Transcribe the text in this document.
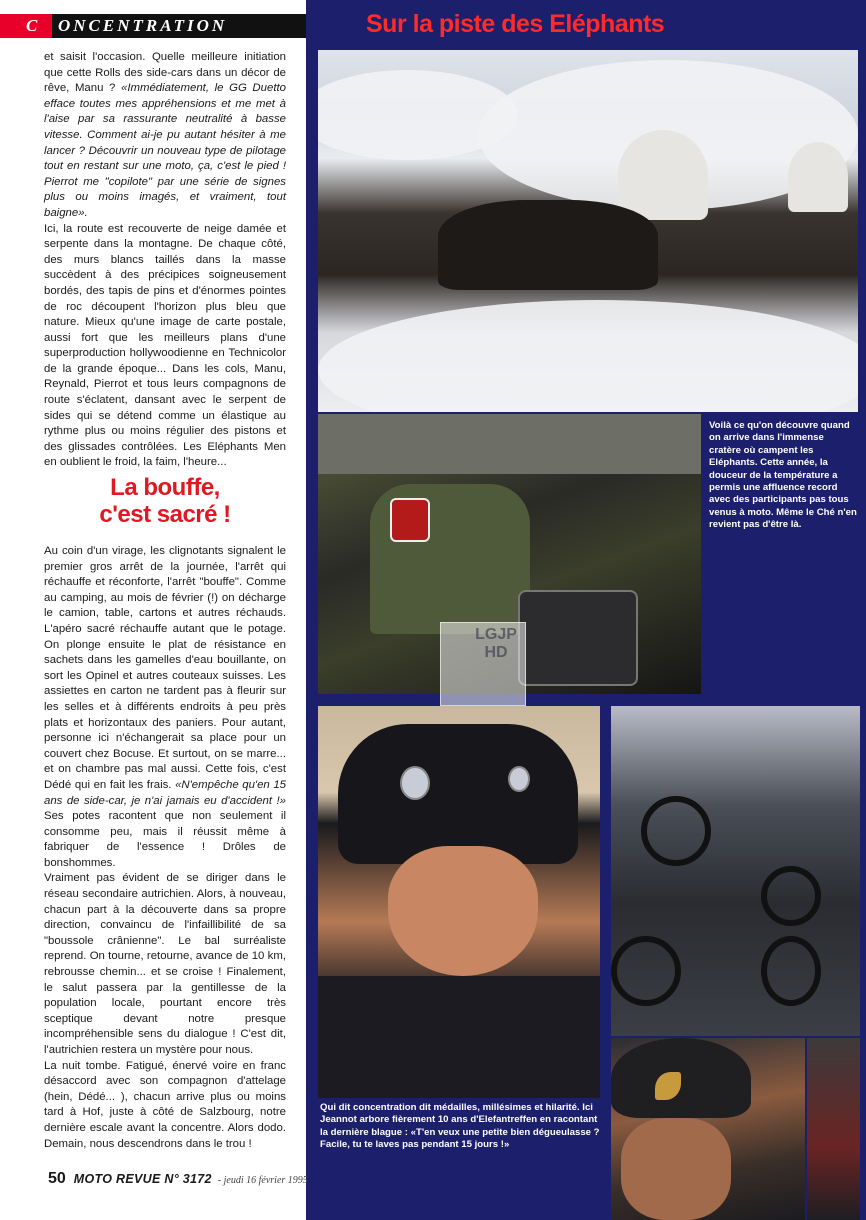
C	ONCENTRATION	Sur la piste des Eléphants

et saisit l'occasion. Quelle meilleure initiation que cette Rolls des side-cars dans un décor de rêve, Manu ? «Immédiatement, le GG Duetto efface toutes mes appréhensions et me met à l'aise par sa rassurante neutralité à basse vitesse. Comment ai-je pu autant hésiter à me lancer ? Découvrir un nouveau type de pilotage tout en restant sur une moto, ça, c'est le pied ! Pierrot me "copilote" par une série de signes plus ou moins imagés, et vraiment, tout baigne».

Ici, la route est recouverte de neige damée et serpente dans la montagne. De chaque côté, des murs blancs taillés dans la masse succèdent à des précipices soigneusement bordés, des tapis de pins et d'énormes pointes de roc découpent l'horizon plus bleu que nature. Mieux qu'une image de carte postale, aussi fort que les meilleurs plans d'une superproduction hollywoodienne en Technicolor de la grande époque... Dans les cols, Manu, Reynald, Pierrot et tous leurs compagnons de route s'éclatent, dansant avec le serpent de sides qui se détend comme un élastique au rythme plus ou moins régulier des pistons et des glissades contrôlées. Les Eléphants Men en oublient le froid, la faim, l'heure...

La bouffe,
c'est sacré !

Au coin d'un virage, les clignotants signalent le premier gros arrêt de la journée, l'arrêt qui réchauffe et réconforte, l'arrêt "bouffe". Comme au camping, au mois de février (!) on décharge le camion, table, cartons et autres réchauds. L'apéro sacré réchauffe autant que le potage. On plonge ensuite le plat de résistance en sachets dans les gamelles d'eau bouillante, on sort les Opinel et autres couteaux suisses. Les assiettes en carton ne tardent pas à fleurir sur les selles et à différents endroits à peu près plats et horizontaux des paniers. Pour autant, personne ici n'échangerait sa place pour un couvert chez Bocuse. Et surtout, on se marre... et on chambre pas mal aussi. Cette fois, c'est Dédé qui en fait les frais. «N'empêche qu'en 15 ans de side-car, je n'ai jamais eu d'accident !» Ses potes racontent que non seulement il consomme peu, mais il réussit même à fabriquer de l'essence ! Drôles de bonshommes.

Vraiment pas évident de se diriger dans le réseau secondaire autrichien. Alors, à nouveau, chacun part à la découverte dans sa propre direction, convaincu de l'infaillibilité de sa "boussole crânienne". Le bal surréaliste reprend. On tourne, retourne, avance de 10 km, rebrousse chemin... et se croise ! Finalement, le salut passera par la gentillesse de la population locale, pourtant encore très sceptique devant notre presque incompréhensible sens du dialogue ! C'est dit, l'autrichien restera un mystère pour nous.

La nuit tombe. Fatigué, énervé voire en franc désaccord avec son compagnon d'attelage (hein, Dédé... ), chacun arrive plus ou moins tard à Hof, juste à côté de Salzbourg, notre dernière escale avant la concentre. Alors dodo. Demain, nous descendrons dans le trou !

LGJP HD
Voilà ce qu'on découvre quand on arrive dans l'immense cratère où campent les Eléphants. Cette année, la douceur de la température a permis une affluence record avec des participants pas tous venus à moto. Même le Ché n'en revient pas d'être là.
Qui dit concentration dit médailles, millésimes et hilarité. Ici Jeannot arbore fièrement 10 ans d'Elefantreffen en racontant la dernière blague : «T'en veux une petite bien dégueulasse ? Facile, tu te laves pas pendant 15 jours !»
50 MOTO REVUE N° 3172 - jeudi 16 février 1995
